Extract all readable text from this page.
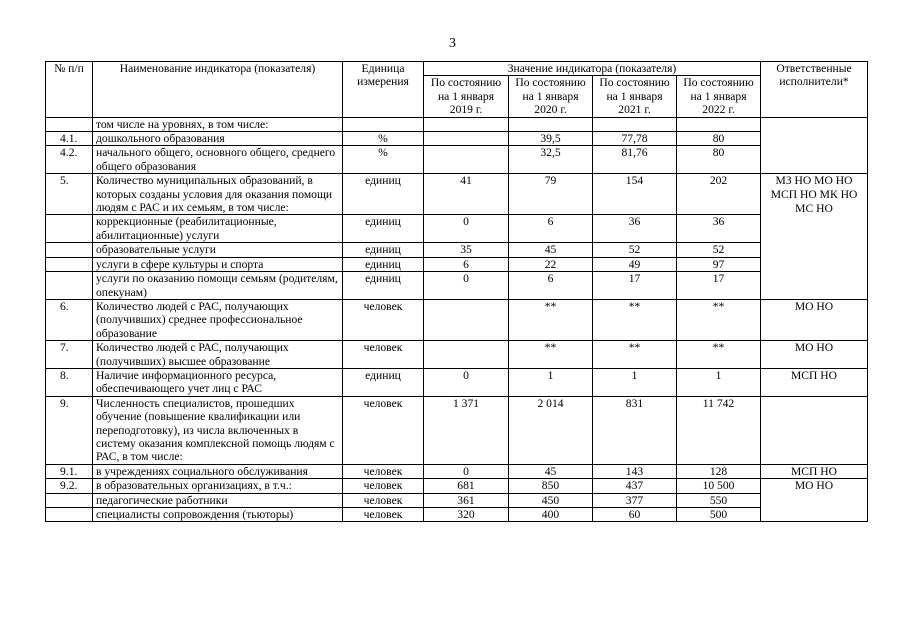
3
№ п/п	Наименование индикатора (показателя)	Единица измерения	Значение индикатора (показателя)				Ответственные исполнители*
			По состоянию на 1 января 2019 г.	По состоянию на 1 января 2020 г.	По состоянию на 1 января 2021 г.	По состоянию на 1 января 2022 г.	
	том числе на уровнях, в том числе:						
4.1.	дошкольного образования	%		39,5	77,78	80	
4.2.	начального общего, основного общего, среднего общего образования	%		32,5	81,76	80	
5.	Количество муниципальных образований, в которых созданы условия для оказания помощи людям с РАС и их семьям, в том числе:	единиц	41	79	154	202	МЗ НО МО НО МСП НО МК НО МС НО
	коррекционные (реабилитационные, абилитационные) услуги	единиц	0	6	36	36	
	образовательные услуги	единиц	35	45	52	52	
	услуги в сфере культуры и спорта	единиц	6	22	49	97	
	услуги по оказанию помощи семьям (родителям, опекунам)	единиц	0	6	17	17	
6.	Количество людей с РАС, получающих (получивших) среднее профессиональное образование	человек		**	**	**	МО НО
7.	Количество людей с РАС, получающих (получивших) высшее образование	человек		**	**	**	МО НО
8.	Наличие информационного ресурса, обеспечивающего учет лиц с РАС	единиц	0	1	1	1	МСП НО
9.	Численность специалистов, прошедших обучение (повышение квалификации или переподготовку), из числа включенных в систему оказания комплексной помощь людям с РАС, в том числе:	человек	1 371	2 014	831	11 742	
9.1.	в учреждениях социального обслуживания	человек	0	45	143	128	МСП НО
9.2.	в образовательных организациях, в т.ч.:	человек	681	850	437	10 500	МО НО
	педагогические работники	человек	361	450	377	550	
	специалисты сопровождения (тьюторы)	человек	320	400	60	500	
